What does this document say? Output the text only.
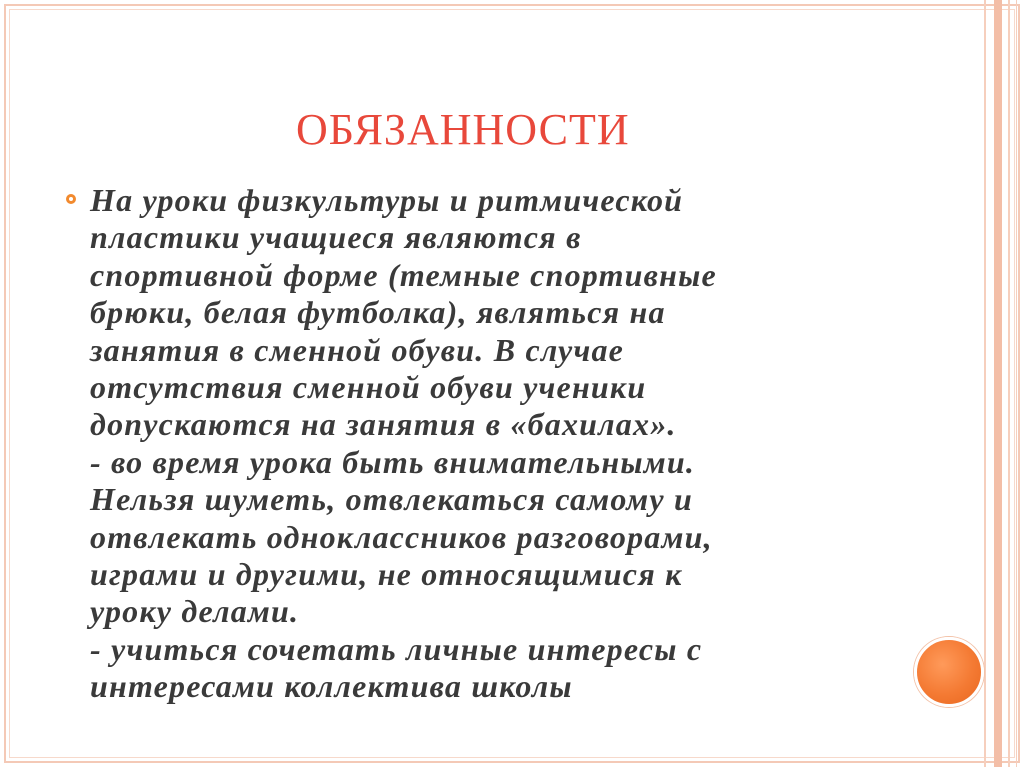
ОБЯЗАННОСТИ
На уроки физкультуры и ритмической
пластики учащиеся являются в
спортивной форме (темные спортивные
брюки, белая футболка), являться на
занятия в сменной обуви. В случае
отсутствия сменной обуви ученики
допускаются на занятия в «бахилах».
- во время урока быть внимательными.
Нельзя шуметь, отвлекаться самому и
отвлекать одноклассников разговорами,
играми и другими, не относящимися к
уроку делами.
- учиться сочетать личные интересы с
интересами коллектива школы
